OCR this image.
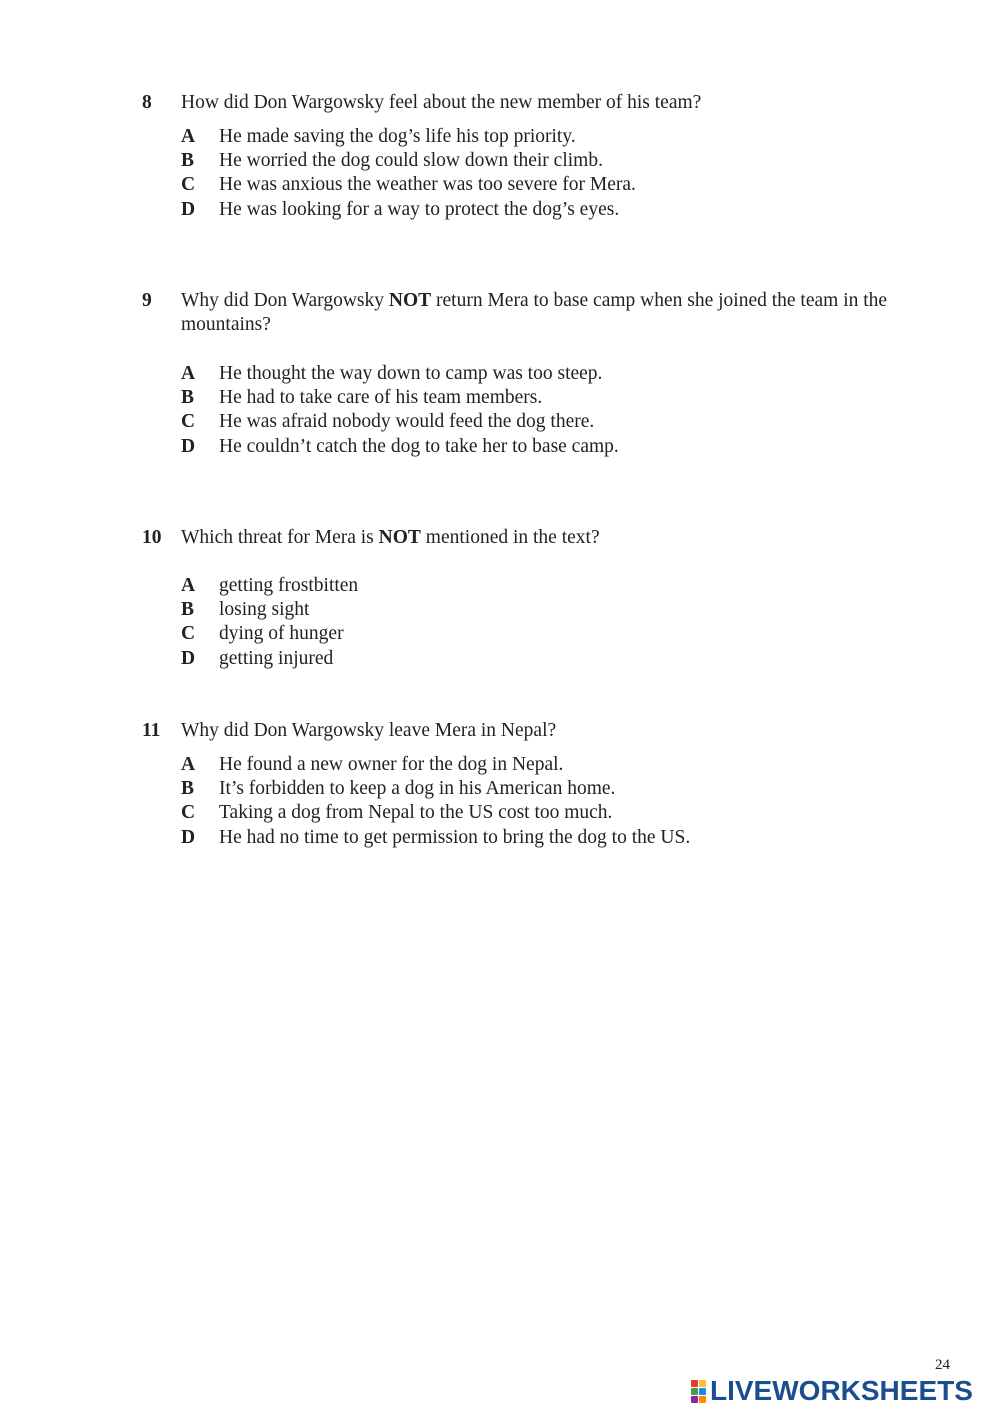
8 How did Don Wargowsky feel about the new member of his team?
A He made saving the dog’s life his top priority.
B He worried the dog could slow down their climb.
C He was anxious the weather was too severe for Mera.
D He was looking for a way to protect the dog’s eyes.
9 Why did Don Wargowsky NOT return Mera to base camp when she joined the team in the mountains?
A He thought the way down to camp was too steep.
B He had to take care of his team members.
C He was afraid nobody would feed the dog there.
D He couldn’t catch the dog to take her to base camp.
10 Which threat for Mera is NOT mentioned in the text?
A getting frostbitten
B losing sight
C dying of hunger
D getting injured
11 Why did Don Wargowsky leave Mera in Nepal?
A He found a new owner for the dog in Nepal.
B It’s forbidden to keep a dog in his American home.
C Taking a dog from Nepal to the US cost too much.
D He had no time to get permission to bring the dog to the US.
24
LIVEWORKSHEETS
